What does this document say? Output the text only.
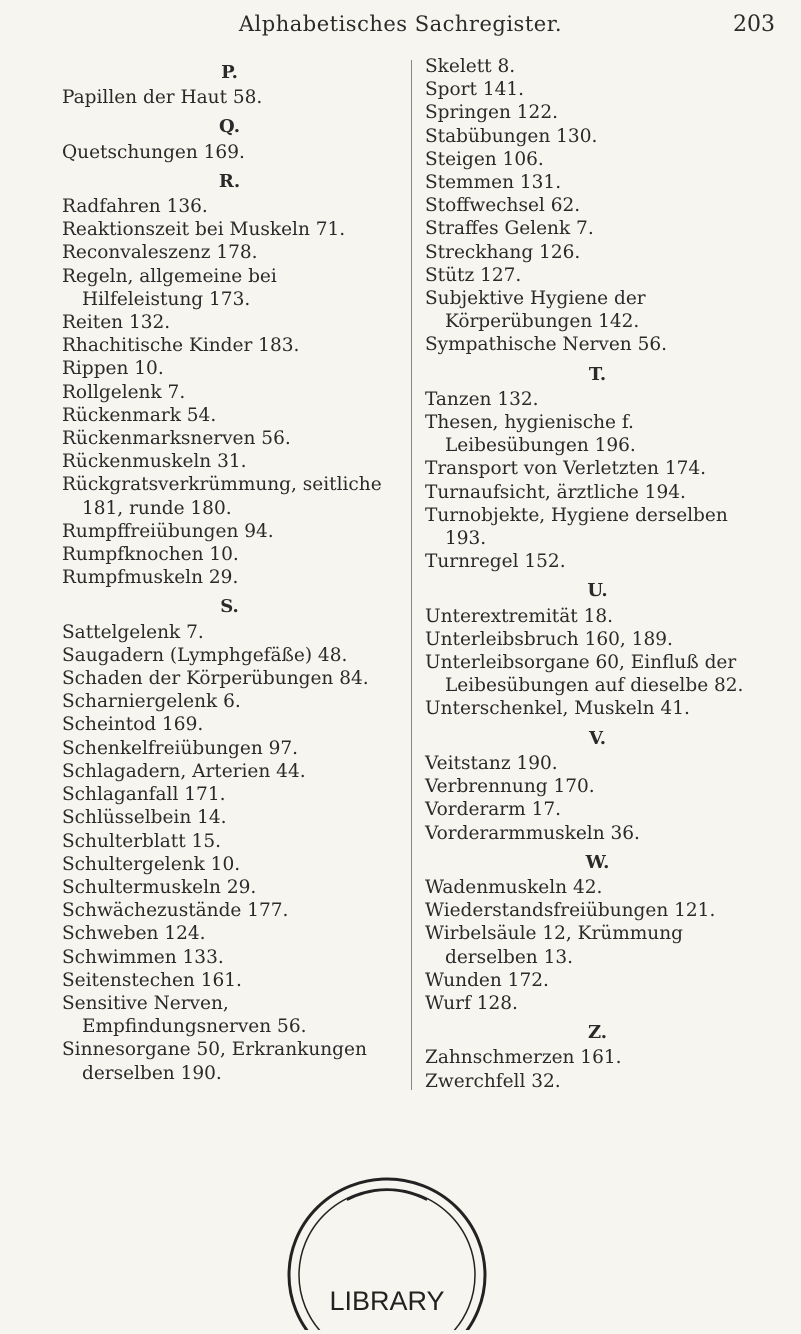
Alphabetisches Sachregister.	203
P.
Papillen der Haut 58.
Q.
Quetschungen 169.
R.
Radfahren 136.
Reaktionszeit bei Muskeln 71.
Reconvaleszenz 178.
Regeln, allgemeine bei Hilfeleistung 173.
Reiten 132.
Rhachitische Kinder 183.
Rippen 10.
Rollgelenk 7.
Rückenmark 54.
Rückenmarksnerven 56.
Rückenmuskeln 31.
Rückgratsverkrümmung, seitliche 181, runde 180.
Rumpffreiübungen 94.
Rumpfknochen 10.
Rumpfmuskeln 29.
S.
Sattelgelenk 7.
Saugadern (Lymphgefäße) 48.
Schaden der Körperübungen 84.
Scharniergelenk 6.
Scheintod 169.
Schenkelfreiübungen 97.
Schlagadern, Arterien 44.
Schlaganfall 171.
Schlüsselbein 14.
Schulterblatt 15.
Schultergelenk 10.
Schultermuskeln 29.
Schwächezustände 177.
Schweben 124.
Schwimmen 133.
Seitenstechen 161.
Sensitive Nerven, Empfindungsnerven 56.
Sinnesorgane 50, Erkrankungen derselben 190.
Skelett 8.
Sport 141.
Springen 122.
Stabübungen 130.
Steigen 106.
Stemmen 131.
Stoffwechsel 62.
Straffes Gelenk 7.
Streckhang 126.
Stütz 127.
Subjektive Hygiene der Körperübungen 142.
Sympathische Nerven 56.
T.
Tanzen 132.
Thesen, hygienische f. Leibesübungen 196.
Transport von Verletzten 174.
Turnaufsicht, ärztliche 194.
Turnobjekte, Hygiene derselben 193.
Turnregel 152.
U.
Unterextremität 18.
Unterleibsbruch 160, 189.
Unterleibsorgane 60, Einfluß der Leibesübungen auf dieselbe 82.
Unterschenkel, Muskeln 41.
V.
Veitstanz 190.
Verbrennung 170.
Vorderarm 17.
Vorderarmmuskeln 36.
W.
Wadenmuskeln 42.
Wiederstandsfreiübungen 121.
Wirbelsäule 12, Krümmung derselben 13.
Wunden 172.
Wurf 128.
Z.
Zahnschmerzen 161.
Zwerchfell 32.
LIBRARY
